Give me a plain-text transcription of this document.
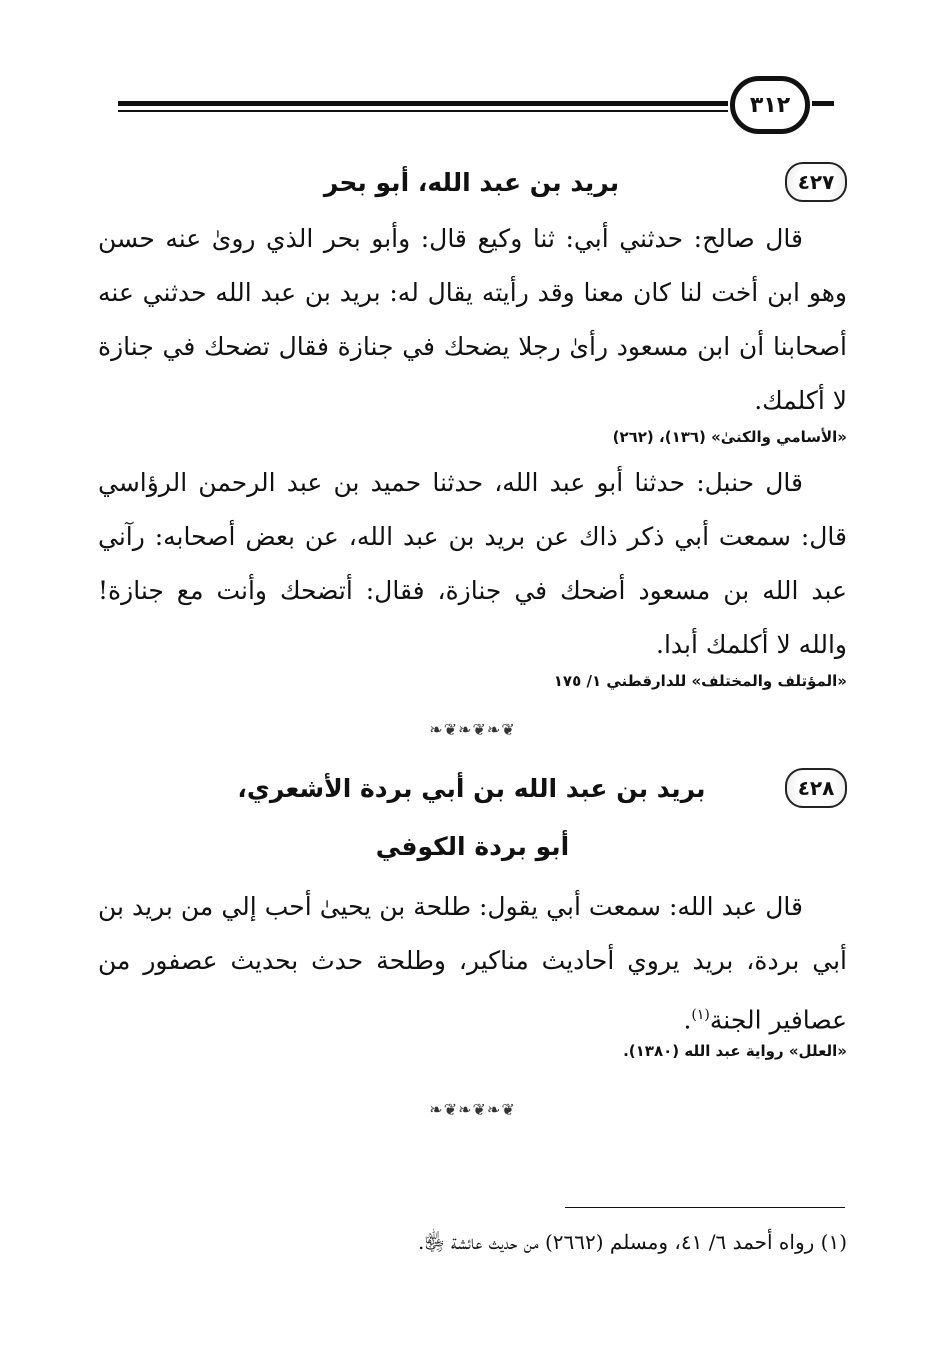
٣١٢
٤٢٧
بريد بن عبد الله، أبو بحر
قال صالح: حدثني أبي: ثنا وكيع قال: وأبو بحر الذي روىٰ عنه حسن وهو ابن أخت لنا كان معنا وقد رأيته يقال له: بريد بن عبد الله حدثني عنه أصحابنا أن ابن مسعود رأىٰ رجلا يضحك في جنازة فقال تضحك في جنازة لا أكلمك.
«الأسامي والكنىٰ» (١٣٦)، (٢٦٢)
قال حنبل: حدثنا أبو عبد الله، حدثنا حميد بن عبد الرحمن الرؤاسي قال: سمعت أبي ذكر ذاك عن بريد بن عبد الله، عن بعض أصحابه: رآني عبد الله بن مسعود أضحك في جنازة، فقال: أتضحك وأنت مع جنازة! والله لا أكلمك أبدا.
«المؤتلف والمختلف» للدارقطني ١/ ١٧٥
❧❦❧❦❧❦
٤٢٨
بريد بن عبد الله بن أبي بردة الأشعري،
أبو بردة الكوفي
قال عبد الله: سمعت أبي يقول: طلحة بن يحيىٰ أحب إلي من بريد بن أبي بردة، بريد يروي أحاديث مناكير، وطلحة حدث بحديث عصفور من عصافير الجنة$^{(١)}$.
«العلل» رواية عبد الله (١٣٨٠).
❧❦❧❦❧❦
(١) رواه أحمد ٦/ ٤١، ومسلم (٢٦٦٢) من حديث عائشة ﵂.
